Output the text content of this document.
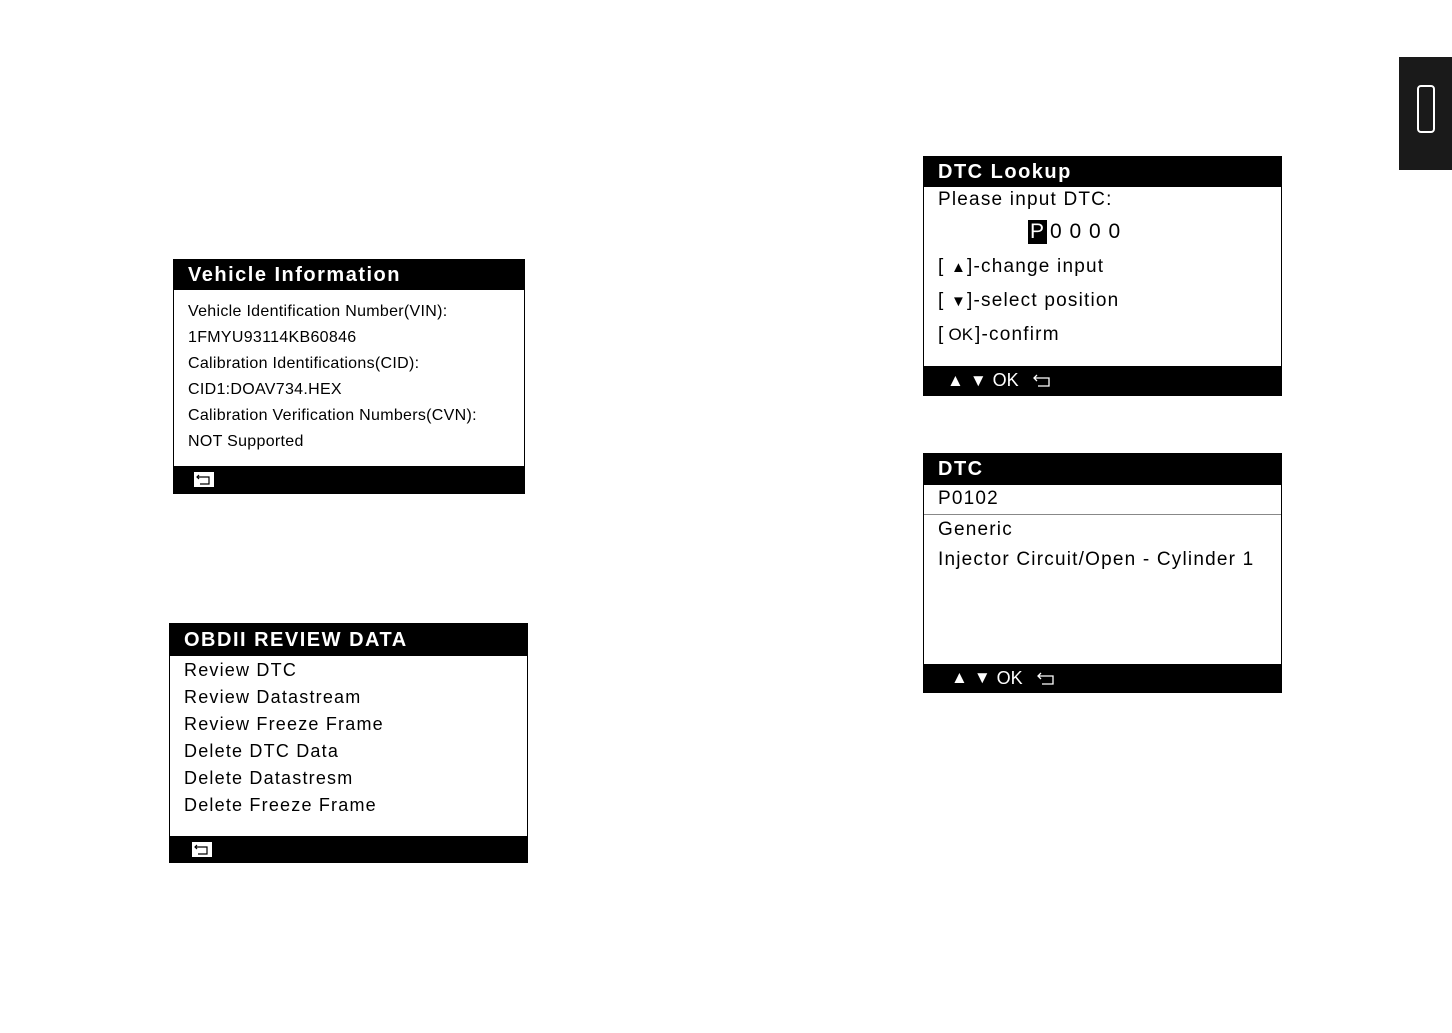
Vehicle Information
Vehicle Identification Number(VIN):
1FMYU93114KB60846
Calibration Identifications(CID):
CID1:DOAV734.HEX
Calibration Verification Numbers(CVN):
NOT Supported
OBDII REVIEW DATA
Review DTC
Review Datastream
Review Freeze Frame
Delete DTC Data
Delete Datastresm
Delete Freeze Frame
DTC Lookup
Please input DTC:
P 0 0 0 0
[ ▲]-change input
[ ▼]-select position
[ OK ]-confirm
▲ ▼ OK
DTC
P0102
Generic
Injector Circuit/Open - Cylinder 1
▲ ▼ OK
